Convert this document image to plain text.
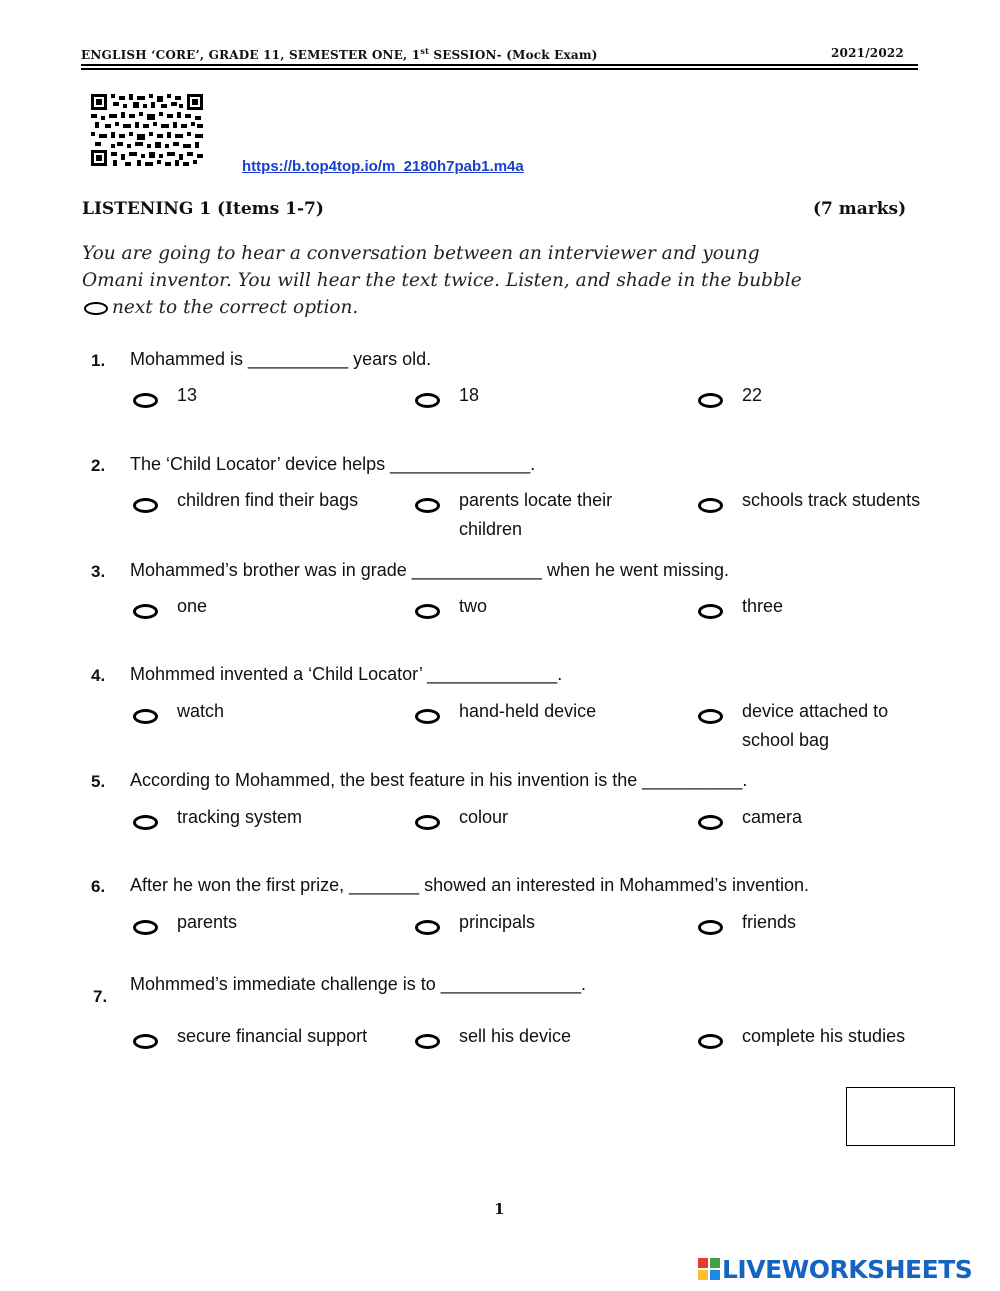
ENGLISH ‘CORE’, GRADE 11, SEMESTER ONE, 1st SESSION- (Mock Exam)	2021/2022
https://b.top4top.io/m_2180h7pab1.m4a
LISTENING 1 (Items 1-7)	(7 marks)
You are going to hear a conversation between an interviewer and young Omani inventor. You will hear the text twice. Listen, and shade in the bubble next to the correct option.
1. Mohammed is __________ years old.
13	18	22
2. The ‘Child Locator’ device helps ______________.
children find their bags	parents locate their children
schools track students
3. Mohammed’s brother was in grade _____________ when he went missing.
one	two	three
4. Mohmmed invented a ‘Child Locator’ _____________.
watch	hand-held device	device attached to school bag
5. According to Mohammed, the best feature in his invention is the __________.
tracking system	colour	camera
6. After he won the first prize, _______ showed an interested in Mohammed’s invention.
parents	principals	friends
7.
Mohmmed’s immediate challenge is to ______________.
secure financial support	sell his device	complete his studies
1
LIVEWORKSHEETS
